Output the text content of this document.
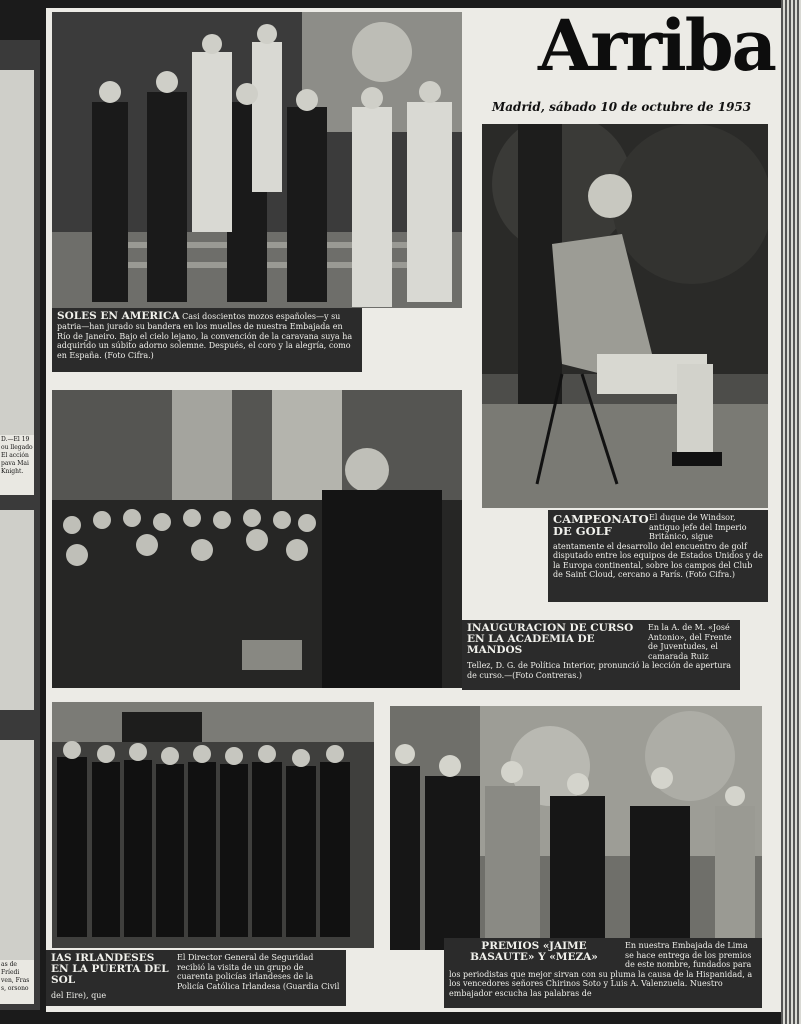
D.—El 19
ou llegado
El acción
pava Mai
Knight.
as de Fríedi
ven, Fras
s, orsono
Arriba
Madrid, sábado 10 de octubre de 1953
SOLES EN AMERICA Casi doscientos mozos españoles—y su patria—han jurado su bandera en los muelles de nuestra Embajada en Río de Janeiro. Bajo el cielo lejano, la convención de la caravana suya ha adquirido un súbito adorno solemne. Después, el coro y la alegría, como en España. (Foto Cifra.)
CAMPEONATO DE GOLF
El duque de Windsor, antiguo jefe del Imperio Británico, sigue atentamente el desarrollo del encuentro de golf disputado entre los equipos de Estados Unidos y de la Europa continental, sobre los campos del Club de Saint Cloud, cercano a París. (Foto Cifra.)
INAUGURACION DE CURSO EN LA ACADEMIA DE MANDOS
En la A. de M. «José Antonio», del Frente de Juventudes, el camarada Ruiz Tellez, D. G. de Política Interior, pronunció la lección de apertura de curso.—(Foto Contreras.)
IAS IRLANDESES EN LA PUERTA DEL SOL
El Director General de Seguridad recibió la visita de un grupo de cuarenta policías irlandeses de la Policía Católica Irlandesa (Guardia Civil del Eire), que
PREMIOS «JAIME BASAUTE» Y «MEZA»
En nuestra Embajada de Lima se hace entrega de los premios de este nombre, fundados para los periodistas que mejor sirvan con su pluma la causa de la Hispanidad, a los vencedores señores Chirinos Soto y Luis A. Valenzuela. Nuestro embajador escucha las palabras de
